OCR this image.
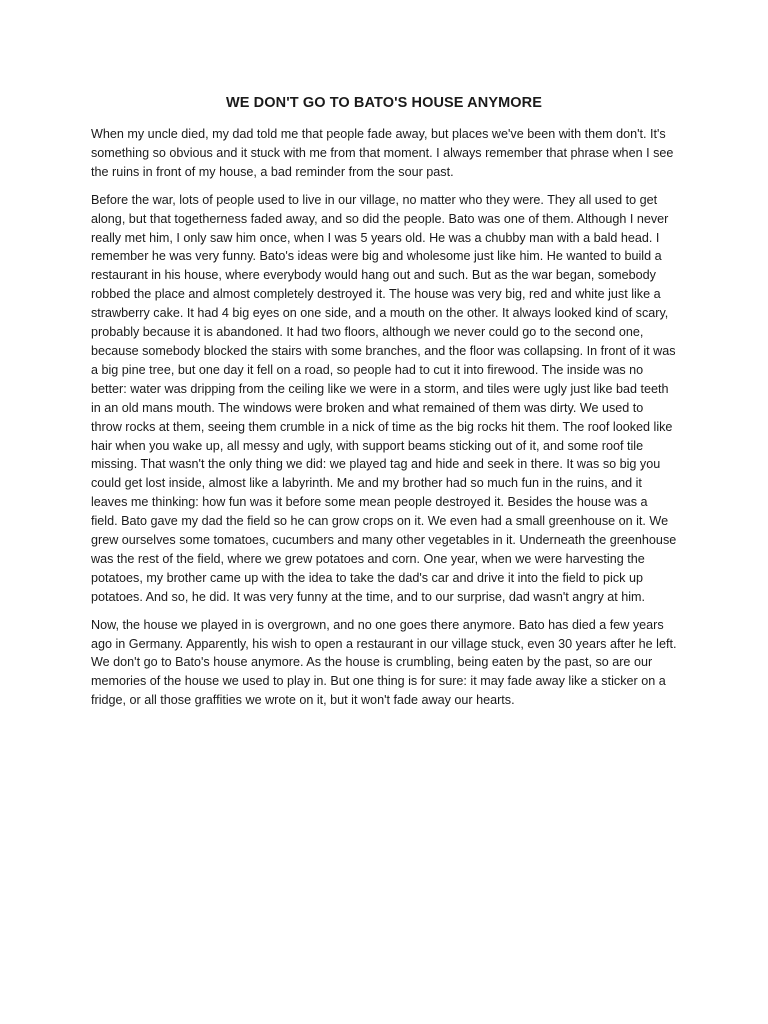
WE DON'T GO TO BATO'S HOUSE ANYMORE

When my uncle died, my dad told me that people fade away, but places we've been with them don't. It's something so obvious and it stuck with me from that moment. I always remember that phrase when I see the ruins in front of my house, a bad reminder from the sour past.

Before the war, lots of people used to live in our village, no matter who they were. They all used to get along, but that togetherness faded away, and so did the people. Bato was one of them. Although I never really met him, I only saw him once, when I was 5 years old. He was a chubby man with a bald head. I remember he was very funny. Bato's ideas were big and wholesome just like him. He wanted to build a restaurant in his house, where everybody would hang out and such. But as the war began, somebody robbed the place and almost completely destroyed it. The house was very big, red and white just like a strawberry cake. It had 4 big eyes on one side, and a mouth on the other. It always looked kind of scary, probably because it is abandoned. It had two floors, although we never could go to the second one, because somebody blocked the stairs with some branches, and the floor was collapsing. In front of it was a big pine tree, but one day it fell on a road, so people had to cut it into firewood. The inside was no better: water was dripping from the ceiling like we were in a storm, and tiles were ugly just like bad teeth in an old mans mouth. The windows were broken and what remained of them was dirty. We used to throw rocks at them, seeing them crumble in a nick of time as the big rocks hit them. The roof looked like hair when you wake up, all messy and ugly, with support beams sticking out of it, and some roof tile missing. That wasn't the only thing we did: we played tag and hide and seek in there. It was so big you could get lost inside, almost like a labyrinth. Me and my brother had so much fun in the ruins, and it leaves me thinking: how fun was it before some mean people destroyed it. Besides the house was a field. Bato gave my dad the field so he can grow crops on it. We even had a small greenhouse on it. We grew ourselves some tomatoes, cucumbers and many other vegetables in it. Underneath the greenhouse was the rest of the field, where we grew potatoes and corn. One year, when we were harvesting the potatoes, my brother came up with the idea to take the dad's car and drive it into the field to pick up potatoes. And so, he did. It was very funny at the time, and to our surprise, dad wasn't angry at him.

Now, the house we played in is overgrown, and no one goes there anymore. Bato has died a few years ago in Germany. Apparently, his wish to open a restaurant in our village stuck, even 30 years after he left. We don't go to Bato's house anymore. As the house is crumbling, being eaten by the past, so are our memories of the house we used to play in. But one thing is for sure: it may fade away like a sticker on a fridge, or all those graffities we wrote on it, but it won't fade away our hearts.
